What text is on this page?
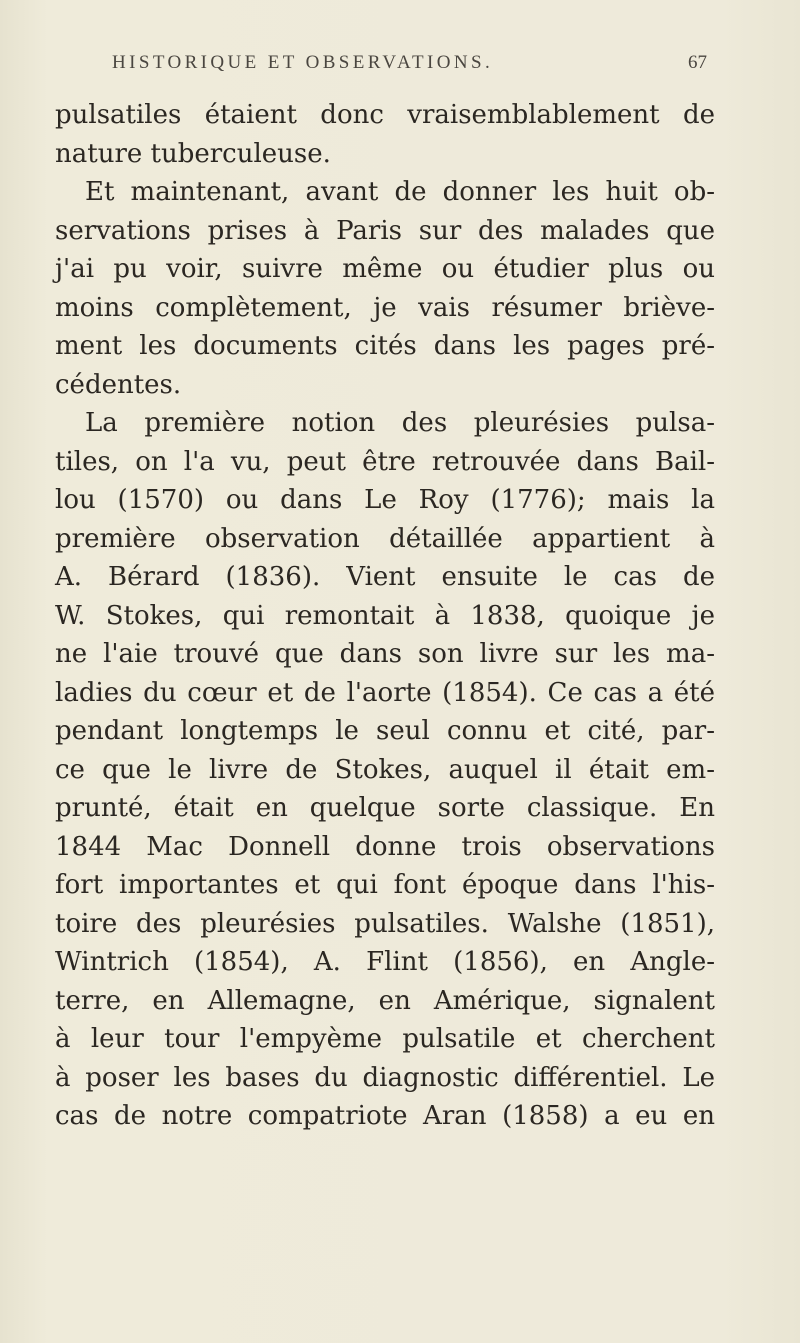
HISTORIQUE ET OBSERVATIONS.	67
pulsatiles étaient donc vraisemblablement de
nature tuberculeuse.
Et maintenant, avant de donner les huit ob-
servations prises à Paris sur des malades que
j'ai pu voir, suivre même ou étudier plus ou
moins complètement, je vais résumer briève-
ment les documents cités dans les pages pré-
cédentes.
La première notion des pleurésies pulsa-
tiles, on l'a vu, peut être retrouvée dans Bail-
lou (1570) ou dans Le Roy (1776); mais la
première observation détaillée appartient à
A. Bérard (1836). Vient ensuite le cas de
W. Stokes, qui remontait à 1838, quoique je
ne l'aie trouvé que dans son livre sur les ma-
ladies du cœur et de l'aorte (1854). Ce cas a été
pendant longtemps le seul connu et cité, par-
ce que le livre de Stokes, auquel il était em-
prunté, était en quelque sorte classique. En
1844 Mac Donnell donne trois observations
fort importantes et qui font époque dans l'his-
toire des pleurésies pulsatiles. Walshe (1851),
Wintrich (1854), A. Flint (1856), en Angle-
terre, en Allemagne, en Amérique, signalent
à leur tour l'empyème pulsatile et cherchent
à poser les bases du diagnostic différentiel. Le
cas de notre compatriote Aran (1858) a eu en
